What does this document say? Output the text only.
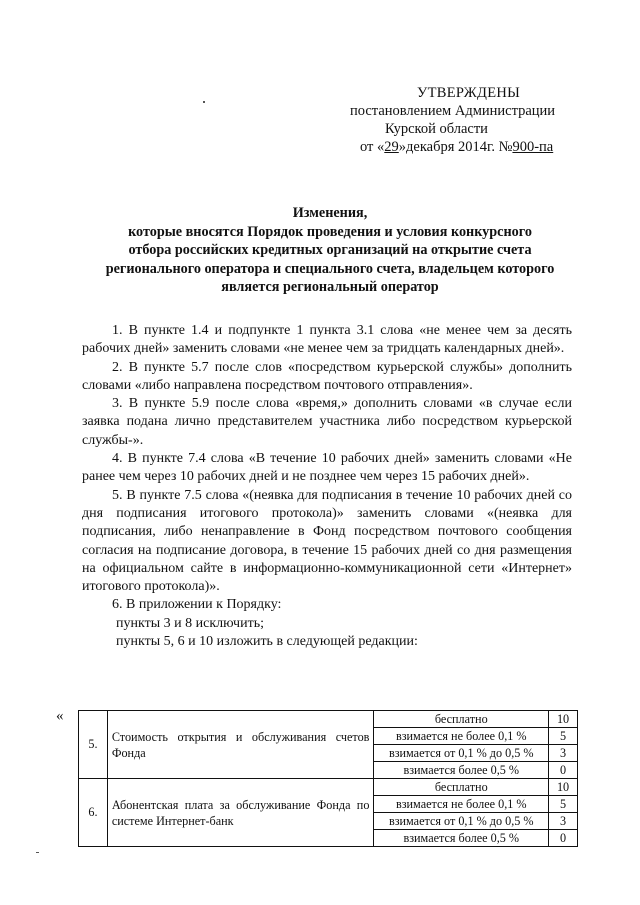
УТВЕРЖДЕНЫ
постановлением Администрации
Курской области
от «29»декабря 2014г. №900-па
Изменения,
которые вносятся Порядок проведения и условия конкурсного
отбора российских кредитных организаций на открытие счета
регионального оператора и специального счета, владельцем которого
является региональный оператор

1. В пункте 1.4 и подпункте 1 пункта 3.1 слова «не менее чем за десять рабочих дней» заменить словами «не менее чем за тридцать календарных дней».

2. В пункте 5.7 после слов «посредством курьерской службы» дополнить словами «либо направлена посредством почтового отправления».

3. В пункте 5.9 после слова «время,» дополнить словами «в случае если заявка подана лично представителем участника либо посредством курьерской службы-».

4. В пункте 7.4 слова «В течение 10 рабочих дней» заменить словами «Не ранее чем через 10 рабочих дней и не позднее чем через 15 рабочих дней».

5. В пункте 7.5 слова «(неявка для подписания в течение 10 рабочих дней со дня подписания итогового протокола)» заменить словами «(неявка для подписания, либо ненаправление в Фонд посредством почтового сообщения согласия на подписание договора, в течение 15 рабочих дней со дня размещения на официальном сайте в информационно-коммуникационной сети «Интернет» итогового протокола)».

6. В приложении к Порядку:

пункты 3 и 8 исключить;

пункты 5, 6 и 10 изложить в следующей редакции:

«
5.	Стоимость открытия и обслуживания счетов Фонда	бесплатно	10
		взимается не более 0,1 %	5
		взимается от 0,1 % до 0,5 %	3
		взимается более 0,5 %	0
6.	Абонентская плата за обслуживание Фонда по системе Интернет-банк	бесплатно	10
		взимается не более 0,1 %	5
		взимается от 0,1 % до 0,5 %	3
		взимается более 0,5 %	0
